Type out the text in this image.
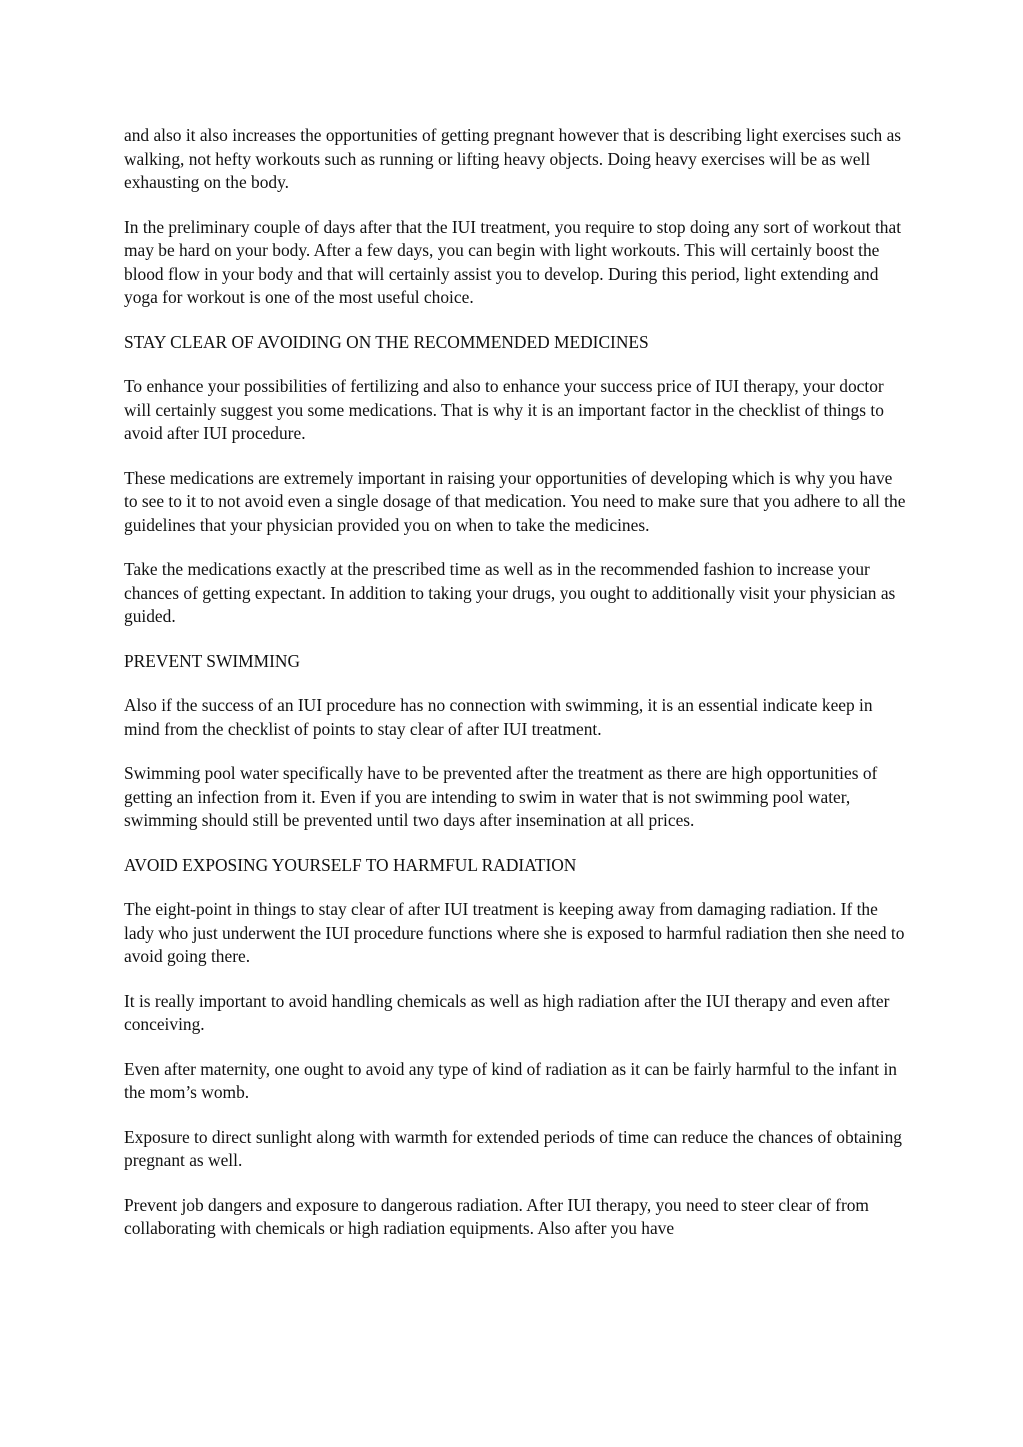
and also it also increases the opportunities of getting pregnant however that is describing light exercises such as walking, not hefty workouts such as running or lifting heavy objects. Doing heavy exercises will be as well exhausting on the body.

In the preliminary couple of days after that the IUI treatment, you require to stop doing any sort of workout that may be hard on your body. After a few days, you can begin with light workouts. This will certainly boost the blood flow in your body and that will certainly assist you to develop. During this period, light extending and yoga for workout is one of the most useful choice.

STAY CLEAR OF AVOIDING ON THE RECOMMENDED MEDICINES

To enhance your possibilities of fertilizing and also to enhance your success price of IUI therapy, your doctor will certainly suggest you some medications. That is why it is an important factor in the checklist of things to avoid after IUI procedure.

These medications are extremely important in raising your opportunities of developing which is why you have to see to it to not avoid even a single dosage of that medication. You need to make sure that you adhere to all the guidelines that your physician provided you on when to take the medicines.

Take the medications exactly at the prescribed time as well as in the recommended fashion to increase your chances of getting expectant. In addition to taking your drugs, you ought to additionally visit your physician as guided.

PREVENT SWIMMING

Also if the success of an IUI procedure has no connection with swimming, it is an essential indicate keep in mind from the checklist of points to stay clear of after IUI treatment.

Swimming pool water specifically have to be prevented after the treatment as there are high opportunities of getting an infection from it. Even if you are intending to swim in water that is not swimming pool water, swimming should still be prevented until two days after insemination at all prices.

AVOID EXPOSING YOURSELF TO HARMFUL RADIATION

The eight-point in things to stay clear of after IUI treatment is keeping away from damaging radiation. If the lady who just underwent the IUI procedure functions where she is exposed to harmful radiation then she need to avoid going there.

It is really important to avoid handling chemicals as well as high radiation after the IUI therapy and even after conceiving.

Even after maternity, one ought to avoid any type of kind of radiation as it can be fairly harmful to the infant in the mom’s womb.

Exposure to direct sunlight along with warmth for extended periods of time can reduce the chances of obtaining pregnant as well.

Prevent job dangers and exposure to dangerous radiation. After IUI therapy, you need to steer clear of from collaborating with chemicals or high radiation equipments. Also after you have
